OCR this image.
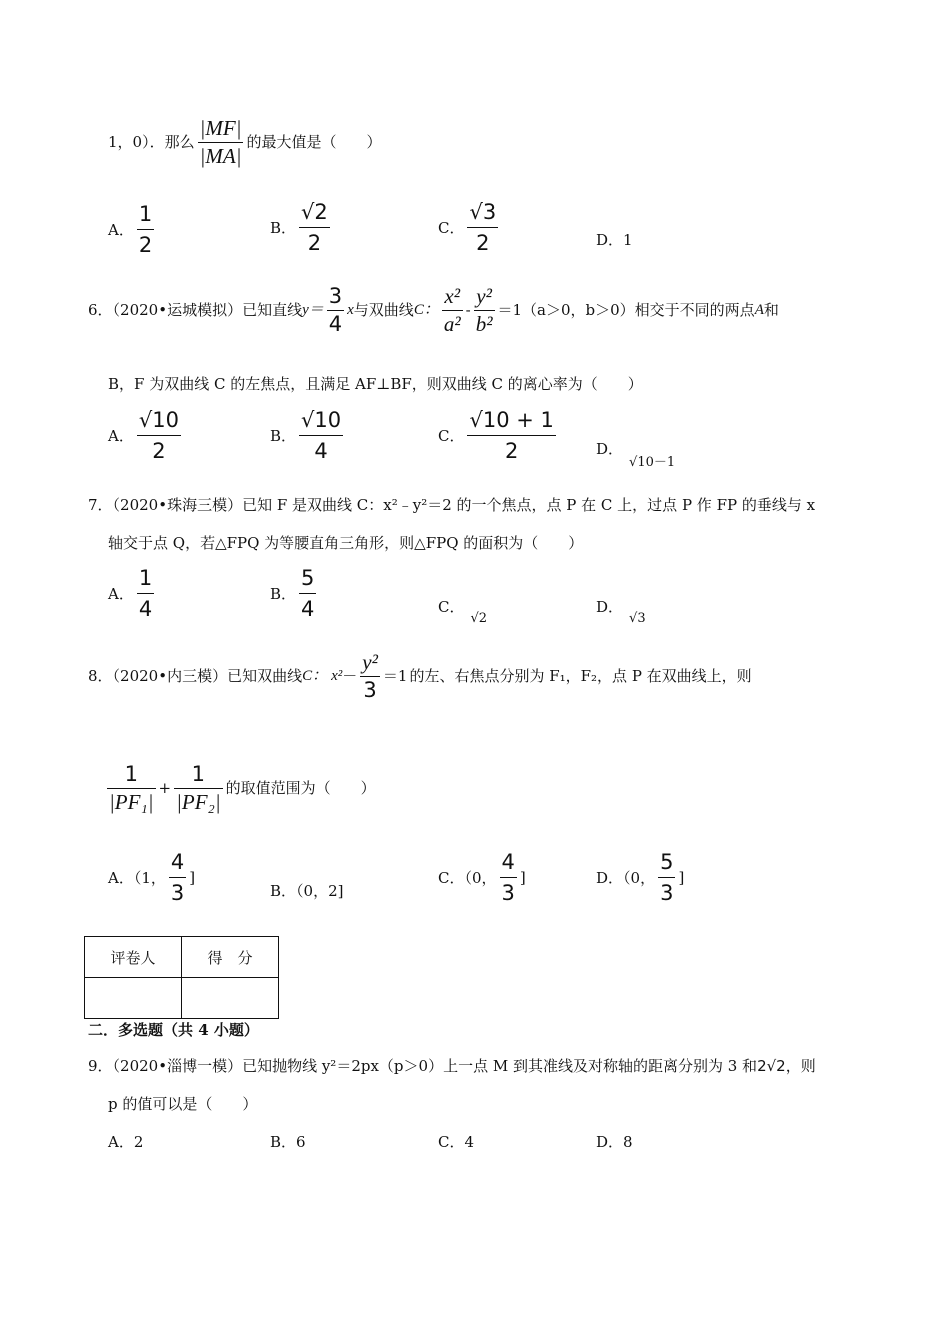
1，0）．那么 $\frac{|MF|}{|MA|}$ 的最大值是（　　）
A． $\frac{1}{2}$	B． $\frac{√2}{2}$	C． $\frac{√3}{2}$	D．1
6．（2020•运城模拟）已知直线$y= \frac{3}{4}$ x与双曲线C： $\frac{\text{x²}}{\text{a²}} - \frac{\text{y²}}{\text{b²}} =1(a>0$，b＞0）相交于不同的两点A和
B，F 为双曲线 C 的左焦点，且满足 AF⊥BF，则双曲线 C 的离心率为（　　）
A． $\frac{√10}{2}$	B． $\frac{√10}{4}$	C． $\frac{√10 + 1}{2}$	D．√10－1
7．（2020•珠海三模）已知 F 是双曲线 C：x²﹣y²＝2 的一个焦点，点 P 在 C 上，过点 P 作 FP 的垂线与 x
轴交于点 Q，若△FPQ 为等腰直角三角形，则△FPQ 的面积为（　　）
A． $\frac{1}{4}$	B． $\frac{5}{4}$	C．√2
D．√3
8．（2020•内三模）已知双曲线C： $x^2- \frac{\text{y²}}{3} =1$ 的左、右焦点分别为 F₁，F₂，点 P 在双曲线上，则
$\frac{1}{\text{|PF₁|}} + \frac{1}{\text{|PF₂|}}$ 的取值范围为（　　）
A．（1， $\frac{4}{3}$ ]
B．（0，2]
C．（0， $\frac{4}{3}$ ]	D．（0， $\frac{5}{3}$ ]
评卷人	得　分

二．多选题（共 4 小题）
9．（2020•淄博一模）已知抛物线 y²＝2px（p＞0）上一点 M 到其准线及对称轴的距离分别为 3 和2√2，则
p 的值可以是（　　）
A．2	B．6	C．4	D．8
